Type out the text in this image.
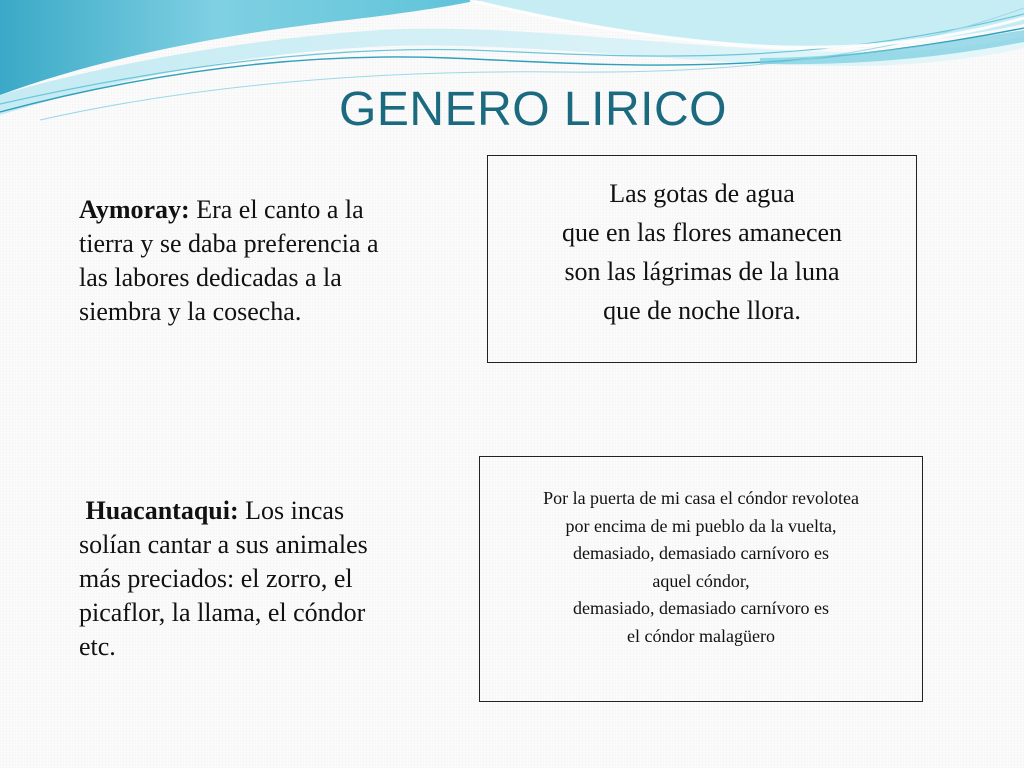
GENERO LIRICO
Aymoray: Era el canto a la tierra y se daba preferencia a las labores dedicadas a la siembra y la cosecha.
Las gotas de agua
que en las flores amanecen
son las lágrimas de la luna
que de noche llora.
Huacantaqui: Los incas solían cantar a sus animales más preciados: el zorro, el picaflor, la llama, el cóndor etc.
Por la puerta de mi casa el cóndor revolotea
por encima de mi pueblo da la vuelta,
demasiado, demasiado carnívoro es
aquel cóndor,
demasiado, demasiado carnívoro es
el cóndor malagüero
